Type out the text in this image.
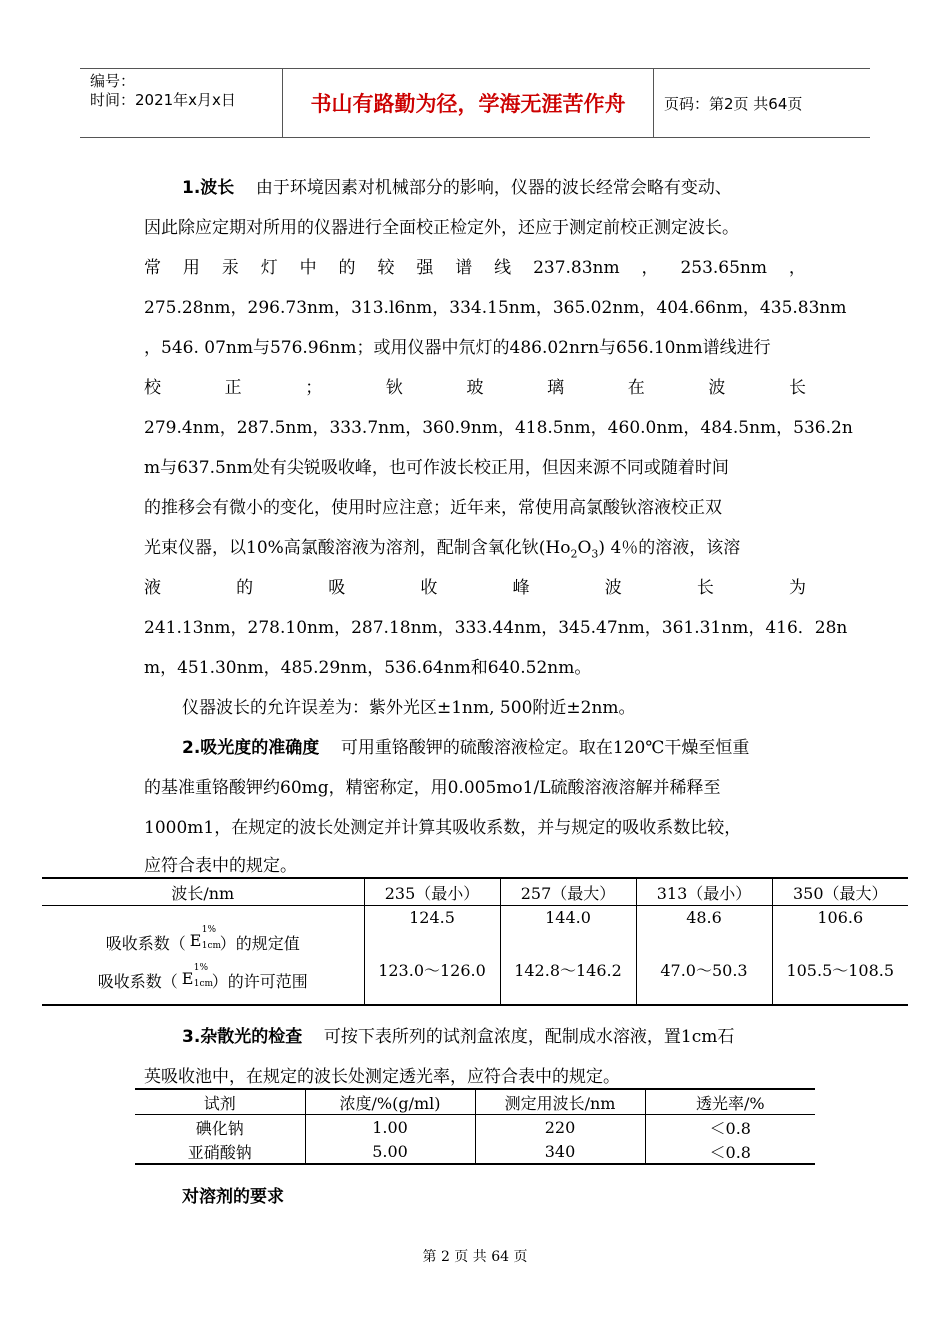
编号：
时间：2021年x月x日	书山有路勤为径，学海无涯苦作舟	页码：第2页 共64页
1.波长 由于环境因素对机械部分的影响，仪器的波长经常会略有变动、
因此除应定期对所用的仪器进行全面校正检定外，还应于测定前校正测定波长。
常 用 汞 灯 中 的 较 强 谱 线 237.83nm ， 253.65nm ，
275.28nm，296.73nm，313.l6nm，334.15nm，365.02nm，404.66nm，435.83nm
，546. 07nm与576.96nm；或用仪器中氘灯的486.02nrn与656.10nm谱线进行
校	正	；	钬	玻	璃	在	波	长
279.4nm，287.5nm，333.7nm，360.9nm，418.5nm，460.0nm，484.5nm，536.2n
m与637.5nm处有尖锐吸收峰，也可作波长校正用，但因来源不同或随着时间
的推移会有微小的变化，使用时应注意；近年来，常使用高氯酸钬溶液校正双
光束仪器，以10%高氯酸溶液为溶剂，配制含氧化钬$(Ho_2O_3)$ 4％的溶液，该溶
液	的	吸	收	峰	波	长	为
241.13nm，278.10nm，287.18nm，333.44nm，345.47nm，361.31nm，416．28n
m，451.30nm，485.29nm，536.64nm和640.52nm。
仪器波长的允许误差为：紫外光区±1nm, 500附近±2nm。
2.吸光度的准确度 可用重铬酸钾的硫酸溶液检定。取在120℃干燥至恒重
的基准重铬酸钾约60mg，精密称定，用0.005mo1/L硫酸溶液溶解并稀释至
1000m1，在规定的波长处测定并计算其吸收系数，并与规定的吸收系数比较，
应符合表中的规定。
波长/nm	235（最小）	257（最大）	313（最小）	350（最大）
吸收系数（ E
1%
1cm
）的规定值	124.5	144.0	48.6	106.6
吸收系数（ E
1%
1cm
）的许可范围	123.0～126.0	142.8～146.2	47.0～50.3	105.5～108.5
3.杂散光的检查 可按下表所列的试剂盒浓度，配制成水溶液，置1cm石
英吸收池中，在规定的波长处测定透光率，应符合表中的规定。
试剂	浓度/%(g/ml)	测定用波长/nm	透光率/%
碘化钠	1.00	220	＜0.8
亚硝酸钠	5.00	340	＜0.8
对溶剂的要求
第 2 页 共 64 页
